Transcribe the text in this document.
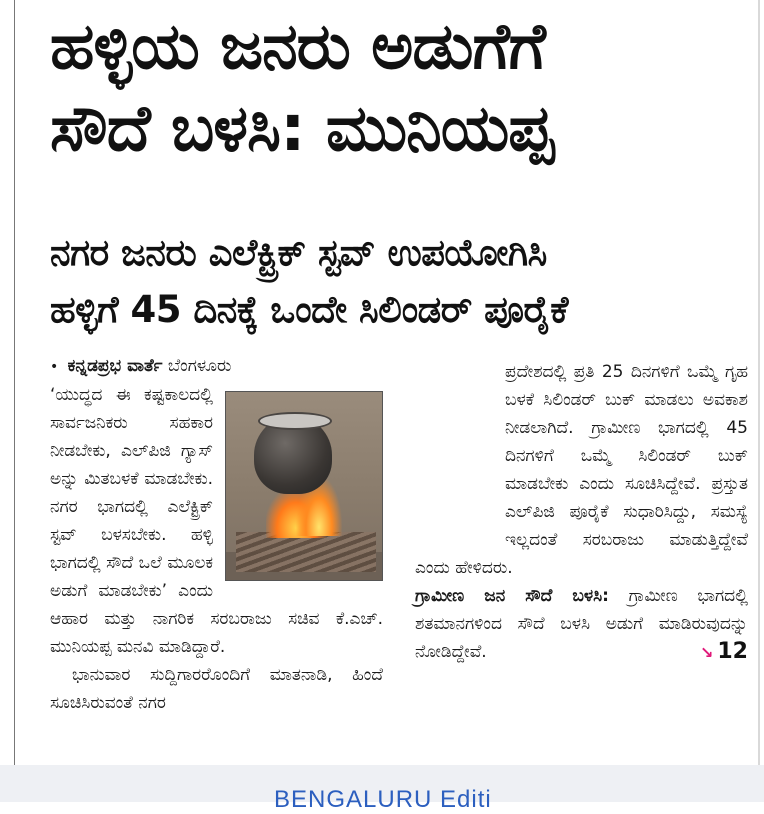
ಹಳ್ಳಿಯ ಜನರು ಅಡುಗೆಗೆ
ಸೌದೆ ಬಳಸಿ: ಮುನಿಯಪ್ಪ
ನಗರ ಜನರು ಎಲೆಕ್ಟ್ರಿಕ್ ಸ್ಟವ್ ಉಪಯೋಗಿಸಿ
ಹಳ್ಳಿಗೆ 45 ದಿನಕ್ಕೆ ಒಂದೇ ಸಿಲಿಂಡರ್ ಪೂರೈಕೆ
• ಕನ್ನಡಪ್ರಭ ವಾರ್ತೆ ಬೆಂಗಳೂರು
‘ಯುದ್ಧದ ಈ ಕಷ್ಟಕಾಲದಲ್ಲಿ ಸಾರ್ವಜನಿಕರು ಸಹಕಾರ ನೀಡಬೇಕು, ಎಲ್‌ಪಿಜಿ ಗ್ಯಾಸ್ ಅನ್ನು ಮಿತಬಳಕೆ ಮಾಡಬೇಕು. ನಗರ ಭಾಗದಲ್ಲಿ ಎಲೆಕ್ಟ್ರಿಕ್ ಸ್ಟವ್ ಬಳಸಬೇಕು. ಹಳ್ಳಿ ಭಾಗದಲ್ಲಿ ಸೌದೆ ಒಲೆ ಮೂಲಕ ಅಡುಗೆ ಮಾಡಬೇಕು’ ಎಂದು ಆಹಾರ ಮತ್ತು ನಾಗರಿಕ ಸರಬರಾಜು ಸಚಿವ ಕೆ.ಎಚ್. ಮುನಿಯಪ್ಪ ಮನವಿ ಮಾಡಿದ್ದಾರೆ.
ಭಾನುವಾರ ಸುದ್ದಿಗಾರರೊಂದಿಗೆ ಮಾತನಾಡಿ, ಹಿಂದೆ ಸೂಚಿಸಿರುವಂತೆ ನಗರ
ಪ್ರದೇಶದಲ್ಲಿ ಪ್ರತಿ 25 ದಿನಗಳಿಗೆ ಒಮ್ಮೆ ಗೃಹ ಬಳಕೆ ಸಿಲಿಂಡರ್ ಬುಕ್ ಮಾಡಲು ಅವಕಾಶ ನೀಡಲಾಗಿದೆ. ಗ್ರಾಮೀಣ ಭಾಗದಲ್ಲಿ 45 ದಿನಗಳಿಗೆ ಒಮ್ಮೆ ಸಿಲಿಂಡರ್ ಬುಕ್ ಮಾಡಬೇಕು ಎಂದು ಸೂಚಿಸಿದ್ದೇವೆ. ಪ್ರಸ್ತುತ ಎಲ್‌ಪಿಜಿ ಪೂರೈಕೆ ಸುಧಾರಿಸಿದ್ದು, ಸಮಸ್ಯೆ ಇಲ್ಲದಂತೆ ಸರಬರಾಜು ಮಾಡುತ್ತಿದ್ದೇವೆ ಎಂದು ಹೇಳಿದರು.
ಗ್ರಾಮೀಣ ಜನ ಸೌದೆ ಬಳಸಿ: ಗ್ರಾಮೀಣ ಭಾಗದಲ್ಲಿ ಶತಮಾನಗಳಿಂದ ಸೌದೆ ಬಳಸಿ ಅಡುಗೆ ಮಾಡಿರುವುದನ್ನು ನೋಡಿದ್ದೇವೆ.	↘ 12
BENGALURU Editi
